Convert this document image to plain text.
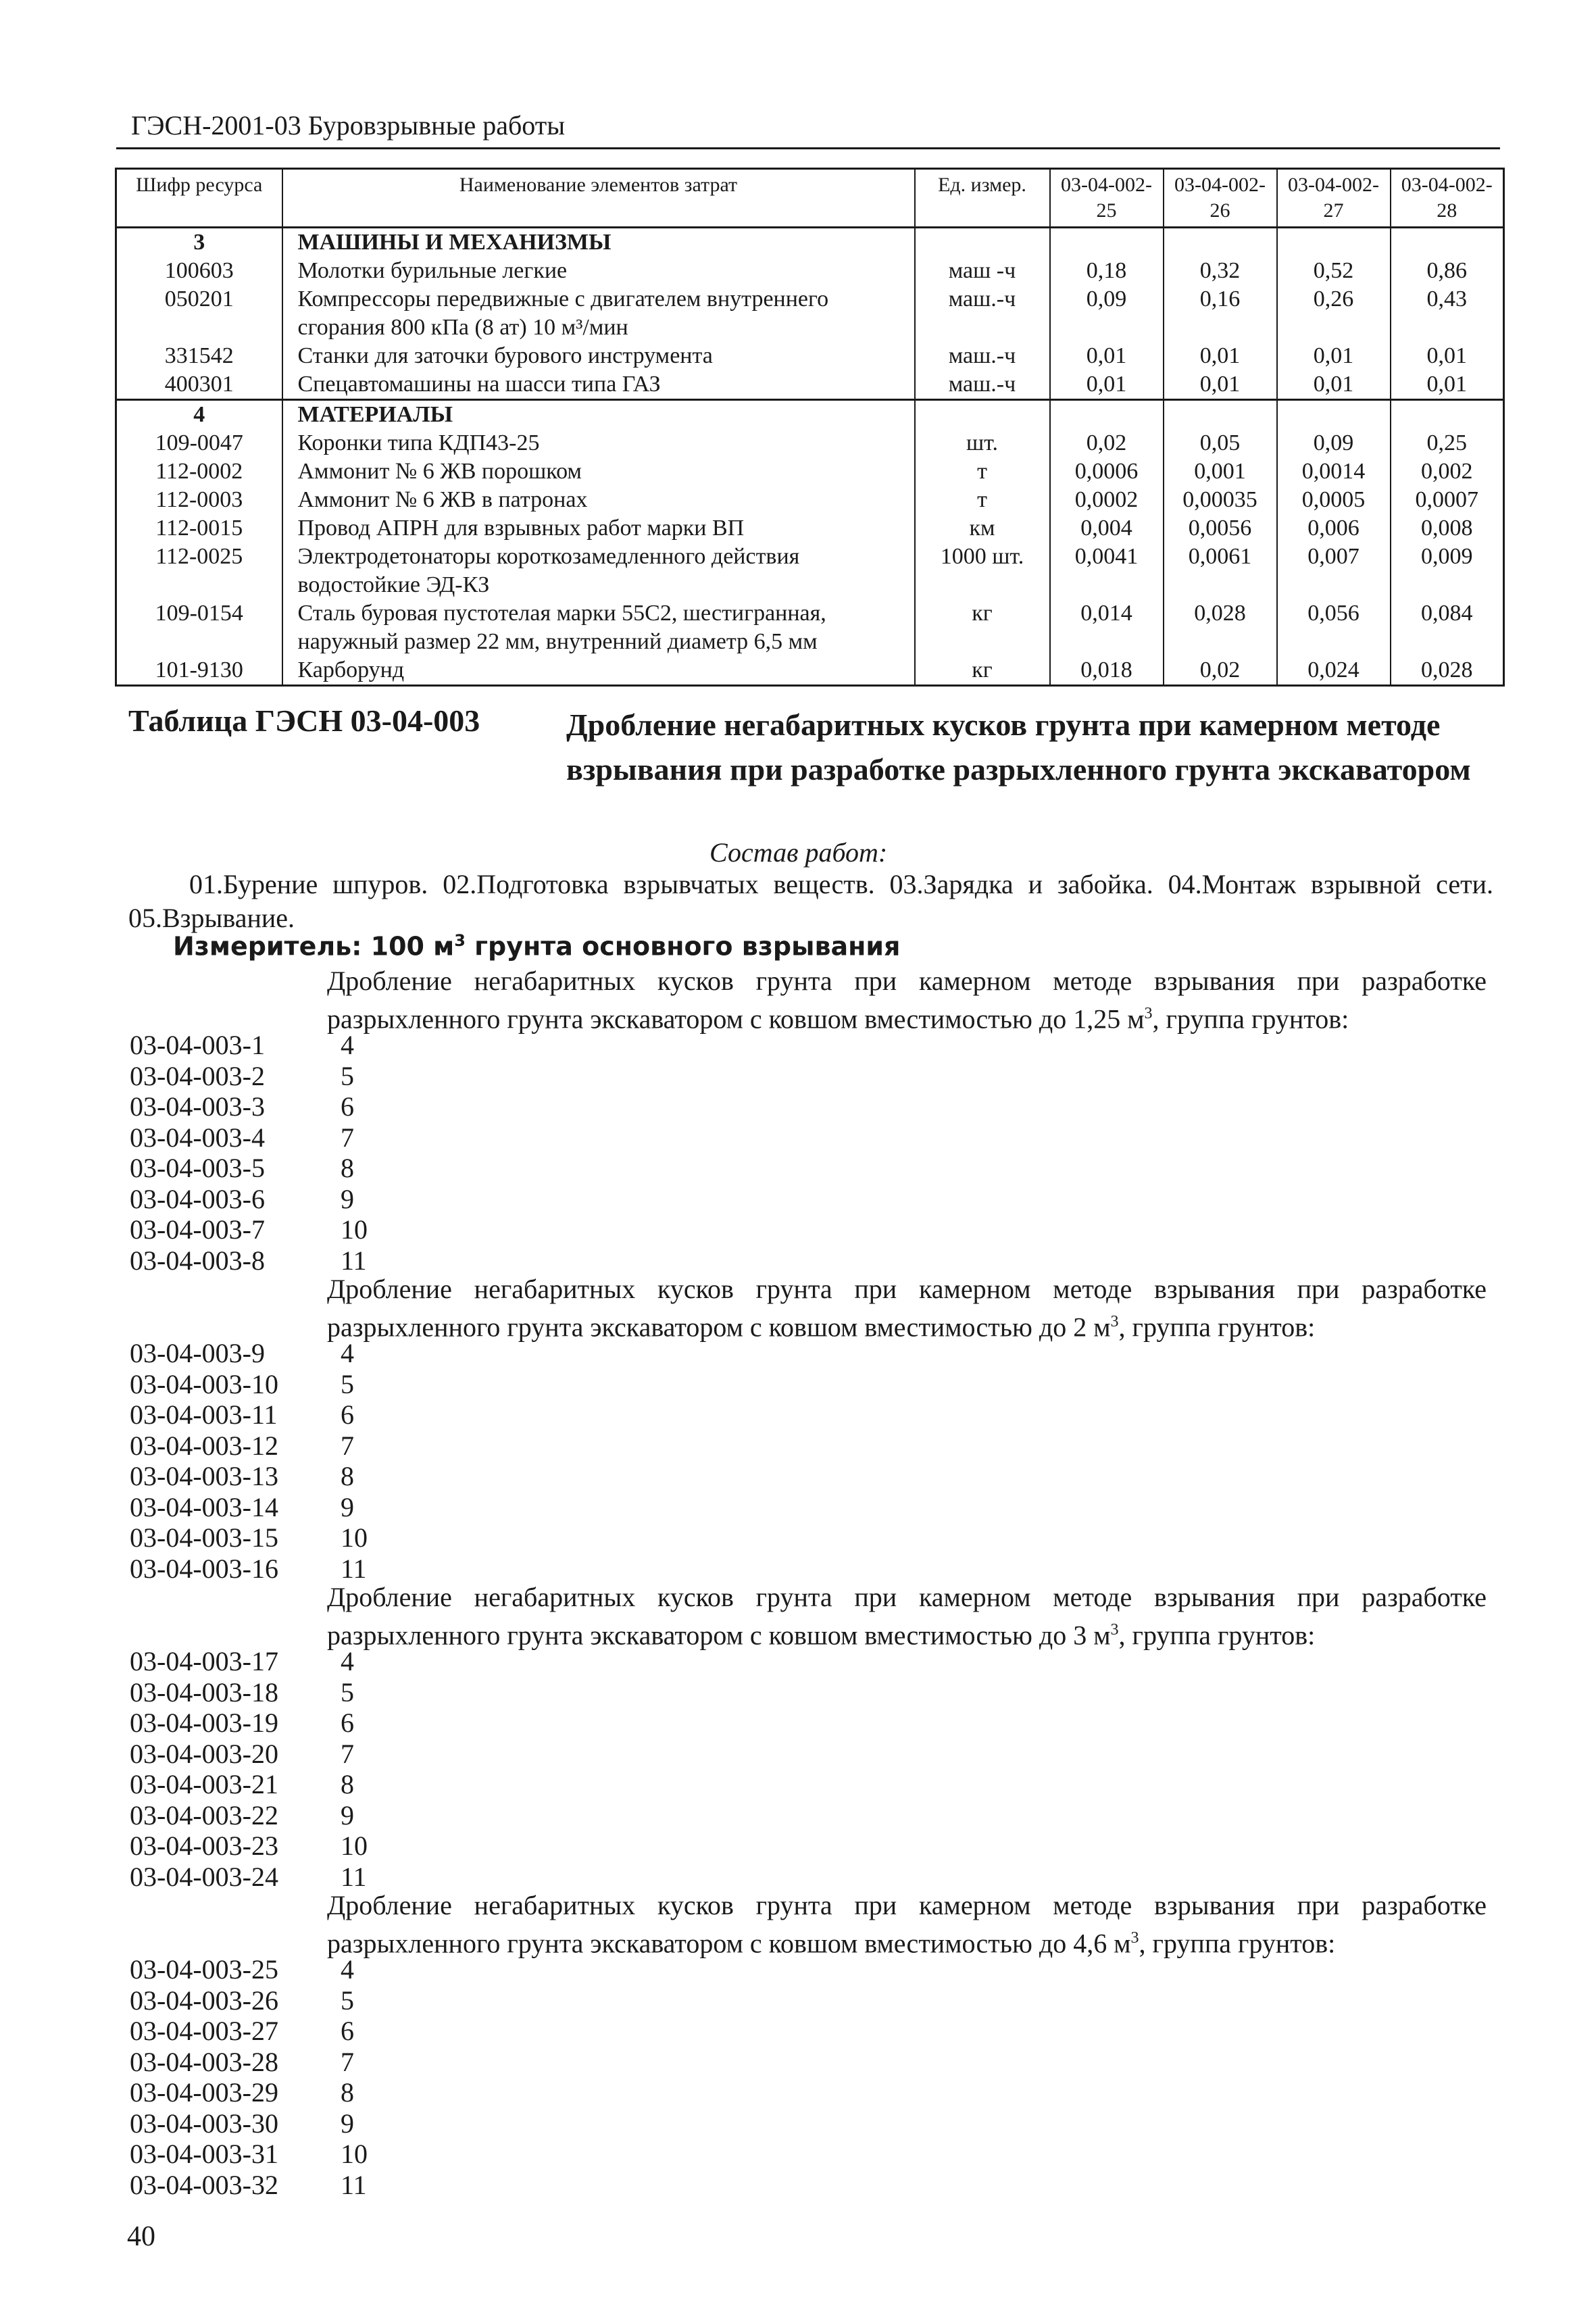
ГЭСН-2001-03 Буровзрывные работы
Шифр ресурса	Наименование элементов затрат	Ед. измер.	03-04-002-25	03-04-002-26	03-04-002-27	03-04-002-28
3	МАШИНЫ И МЕХАНИЗМЫ					
100603	Молотки бурильные легкие	маш -ч	0,18	0,32	0,52	0,86
050201	Компрессоры передвижные с двигателем внутреннего сгорания 800 кПа (8 ат) 10 м³/мин	маш.-ч	0,09	0,16	0,26	0,43
331542	Станки для заточки бурового инструмента	маш.-ч	0,01	0,01	0,01	0,01
400301	Спецавтомашины на шасси типа ГАЗ	маш.-ч	0,01	0,01	0,01	0,01
4	МАТЕРИАЛЫ					
109-0047	Коронки типа КДП43-25	шт.	0,02	0,05	0,09	0,25
112-0002	Аммонит № 6 ЖВ порошком	т	0,0006	0,001	0,0014	0,002
112-0003	Аммонит № 6 ЖВ в патронах	т	0,0002	0,00035	0,0005	0,0007
112-0015	Провод АПРН для взрывных работ марки ВП	км	0,004	0,0056	0,006	0,008
112-0025	Электродетонаторы короткозамедленного действия водостойкие ЭД-КЗ	1000 шт.	0,0041	0,0061	0,007	0,009
109-0154	Сталь буровая пустотелая марки 55С2, шестигранная, наружный размер 22 мм, внутренний диаметр 6,5 мм	кг	0,014	0,028	0,056	0,084
101-9130	Карборунд	кг	0,018	0,02	0,024	0,028
Таблица ГЭСН 03-04-003	Дробление негабаритных кусков грунта при камерном методе взрывания при разработке разрыхленного грунта экскаватором
Состав работ:
01.Бурение шпуров. 02.Подготовка взрывчатых веществ. 03.Зарядка и забойка. 04.Монтаж взрывной сети. 05.Взрывание.
Измеритель: 100 $м^3$ грунта основного взрывания
Дробление негабаритных кусков грунта при камерном методе взрывания при разработке разрыхленного грунта экскаватором с ковшом вместимостью до 1,25 $м^3$, группа грунтов:
03-04-003-1	4
03-04-003-2	5
03-04-003-3	6
03-04-003-4	7
03-04-003-5	8
03-04-003-6	9
03-04-003-7	10
03-04-003-8	11
Дробление негабаритных кусков грунта при камерном методе взрывания при разработке разрыхленного грунта экскаватором с ковшом вместимостью до 2 $м^3$, группа грунтов:
03-04-003-9	4
03-04-003-10 5
03-04-003-11 6
03-04-003-12 7
03-04-003-13 8
03-04-003-14 9
03-04-003-15 10
03-04-003-16 11
Дробление негабаритных кусков грунта при камерном методе взрывания при разработке разрыхленного грунта экскаватором с ковшом вместимостью до 3 $м^3$, группа грунтов:
03-04-003-17 4
03-04-003-18 5
03-04-003-19 6
03-04-003-20 7
03-04-003-21 8
03-04-003-22 9
03-04-003-23 10
03-04-003-24 11
Дробление негабаритных кусков грунта при камерном методе взрывания при разработке разрыхленного грунта экскаватором с ковшом вместимостью до 4,6 $м^3$, группа грунтов:
03-04-003-25 4
03-04-003-26 5
03-04-003-27 6
03-04-003-28 7
03-04-003-29 8
03-04-003-30 9
03-04-003-31 10
03-04-003-32 11
40
